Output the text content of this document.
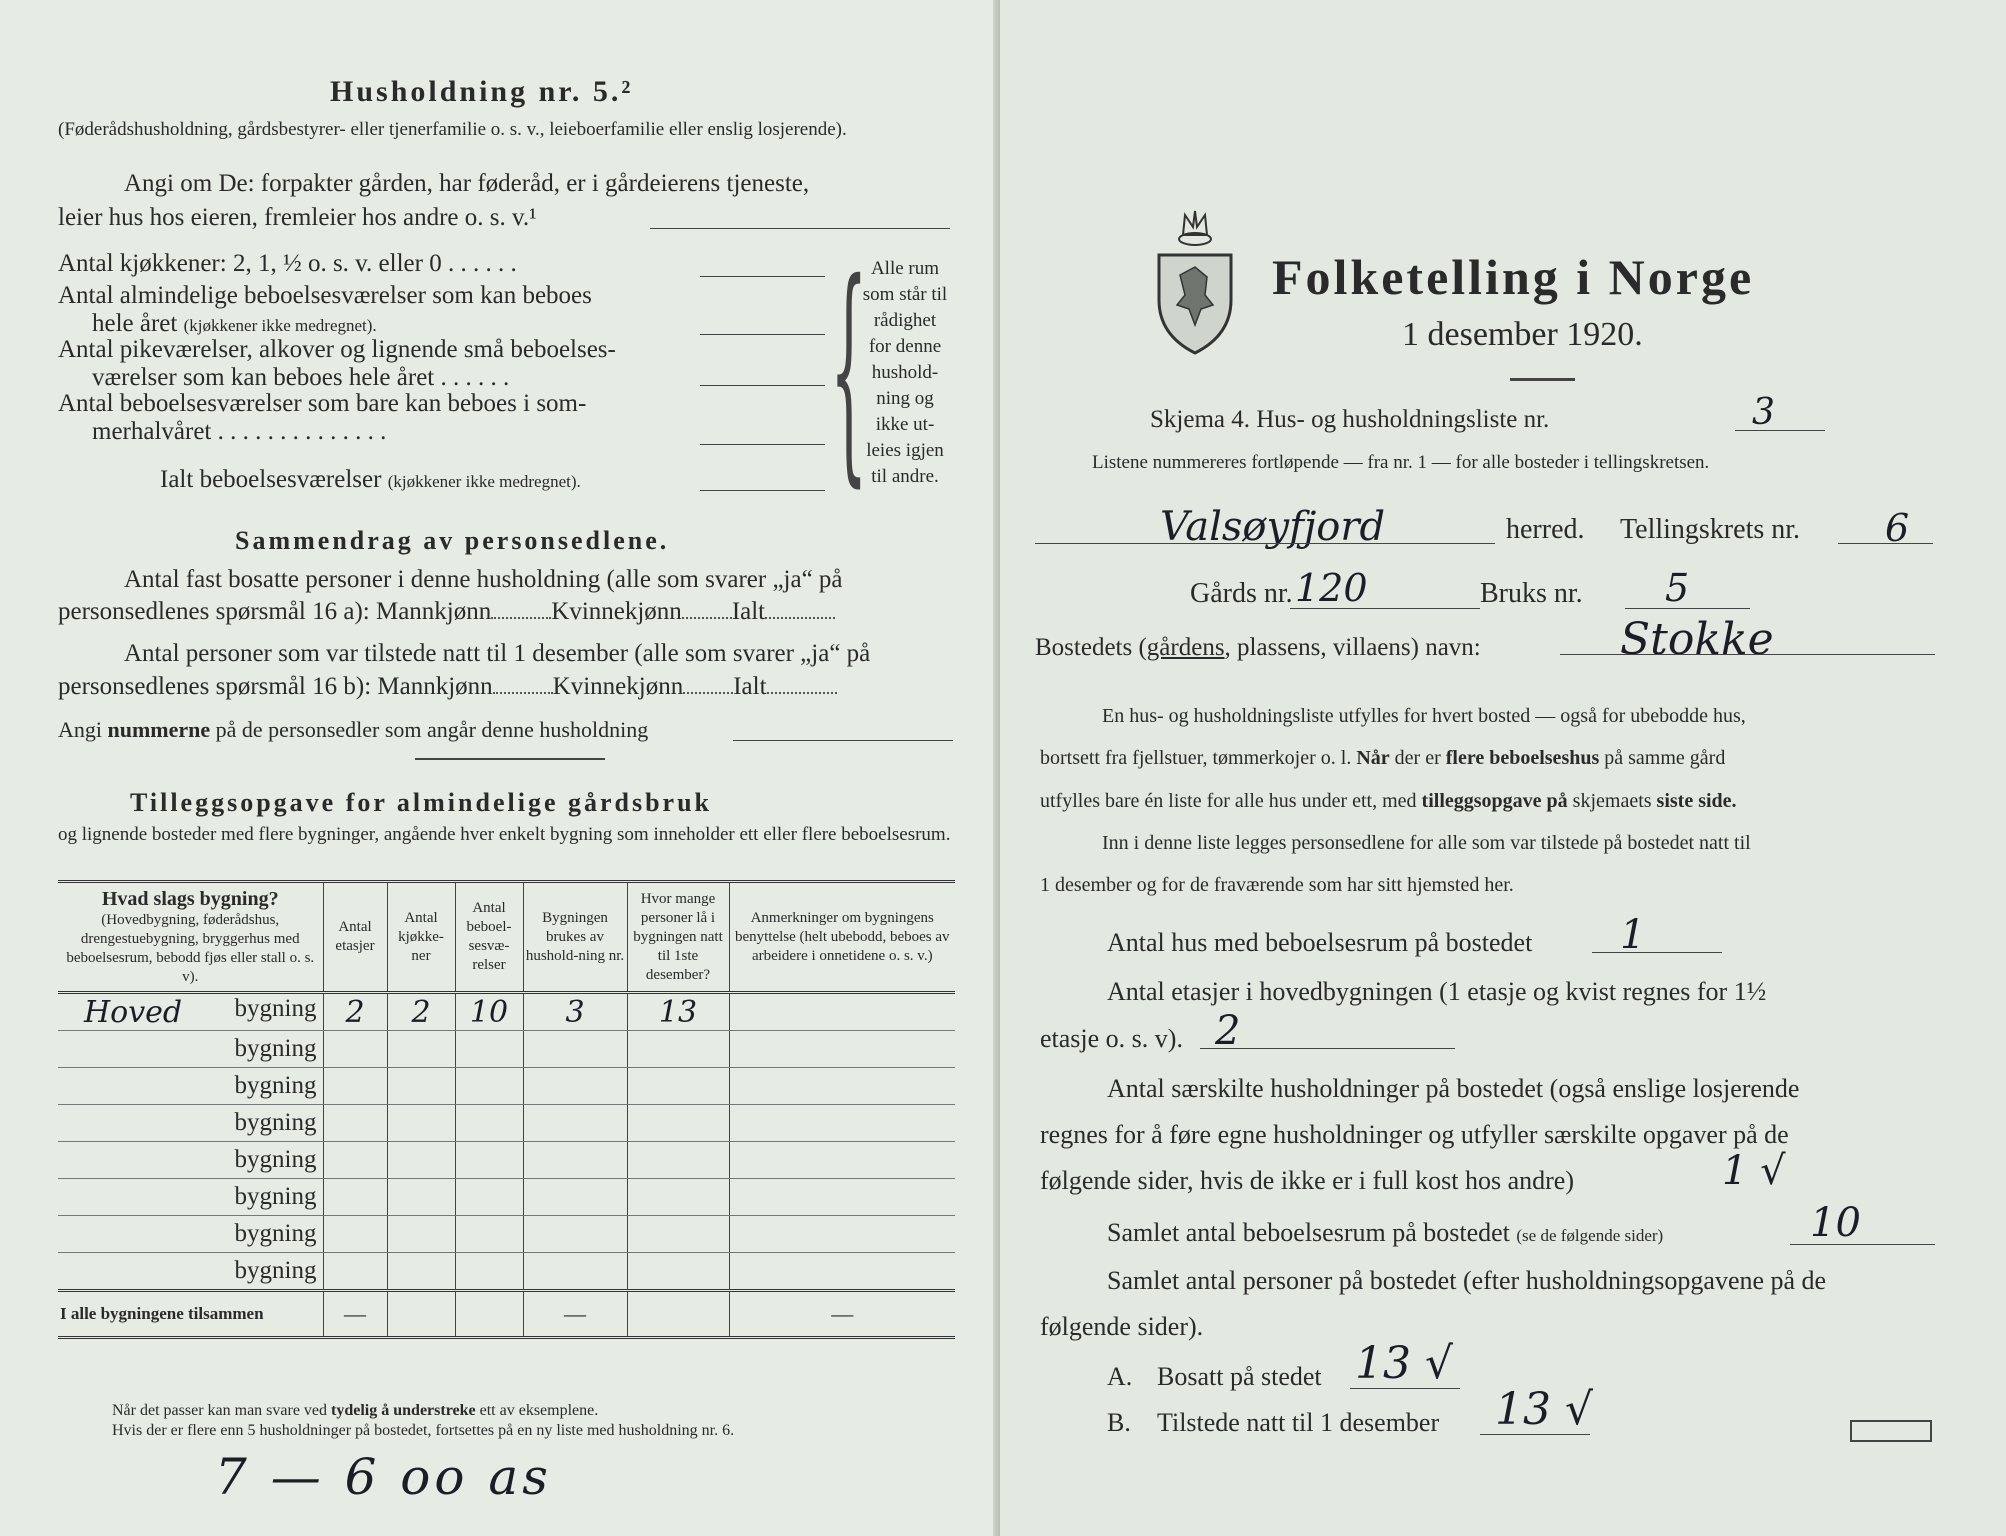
Husholdning nr. 5.²
(Føderådshusholdning, gårdsbestyrer- eller tjenerfamilie o. s. v., leieboerfamilie eller enslig losjerende).
Angi om De: forpakter gården, har føderåd, er i gårdeierens tjeneste,
leier hus hos eieren, fremleier hos andre o. s. v.¹
Antal kjøkkener: 2, 1, ½ o. s. v. eller 0 . . . . . .
Antal almindelige beboelsesværelser som kan beboes
hele året (kjøkkener ikke medregnet).
Antal pikeværelser, alkover og lignende små beboelses-
værelser som kan beboes hele året . . . . . .
Antal beboelsesværelser som bare kan beboes i som-
merhalvåret . . . . . . . . . . . . . .
Ialt beboelsesværelser (kjøkkener ikke medregnet). { Alle rum
som står til
rådighet
for denne
hushold-
ning og
ikke ut-
leies igjen
til andre.
Sammendrag av personsedlene.
Antal fast bosatte personer i denne husholdning (alle som svarer „ja“ på
personsedlenes spørsmål 16 a): Mannkjønn Kvinnekjønn Ialt
Antal personer som var tilstede natt til 1 desember (alle som svarer „ja“ på
personsedlenes spørsmål 16 b): Mannkjønn Kvinnekjønn Ialt
Angi nummerne på de personsedler som angår denne husholdning
Tilleggsopgave for almindelige gårdsbruk
og lignende bosteder med flere bygninger, angående hver enkelt bygning som inneholder ett eller flere beboelsesrum.
Hvad slags bygning?
(Hovedbygning, føderådshus, drengestuebygning, bryggerhus med beboelsesrum, bebodd fjøs eller stall o. s. v).	Antal etasjer	Antal kjøkke-ner	Antal beboel-sesvæ-relser	Bygningen brukes av hushold-ning nr.	Hvor mange personer lå i bygningen natt til 1ste desember?	Anmerkninger om bygningens benyttelse (helt ubebodd, beboes av arbeidere i onnetidene o. s. v.)

Hoved bygning	2	2	10	3	13	
bygning						
bygning						
bygning						
bygning						
bygning						
bygning						
bygning						
I alle bygningene tilsammen	—			—		—
Når det passer kan man svare ved tydelig å understreke ett av eksemplene.
Hvis der er flere enn 5 husholdninger på bostedet, fortsettes på en ny liste med husholdning nr. 6.
7 — 6 oo as
Folketelling i Norge
1 desember 1920.
Skjema 4. Hus- og husholdningsliste nr.	3
Listene nummereres fortløpende — fra nr. 1 — for alle bosteder i tellingskretsen.
Valsøyfjord	herred. Tellingskrets nr. 6
Gårds nr. 120	Bruks nr. 5
Bostedets (gårdens, plassens, villaens) navn:	Stokke
En hus- og husholdningsliste utfylles for hvert bosted — også for ubebodde hus,
bortsett fra fjellstuer, tømmerkojer o. l. Når der er flere beboelseshus på samme gård
utfylles bare én liste for alle hus under ett, med tilleggsopgave på skjemaets siste side.
Inn i denne liste legges personsedlene for alle som var tilstede på bostedet natt til
1 desember og for de fraværende som har sitt hjemsted her.
Antal hus med beboelsesrum på bostedet 1
Antal etasjer i hovedbygningen (1 etasje og kvist regnes for 1½
etasje o. s. v). 2
Antal særskilte husholdninger på bostedet (også enslige losjerende
regnes for å føre egne husholdninger og utfyller særskilte opgaver på de
følgende sider, hvis de ikke er i full kost hos andre)	1 √
Samlet antal beboelsesrum på bostedet (se de følgende sider)	10
Samlet antal personer på bostedet (efter husholdningsopgavene på de
følgende sider).
A. Bosatt på stedet 13 √
B. Tilstede natt til 1 desember 13 √
